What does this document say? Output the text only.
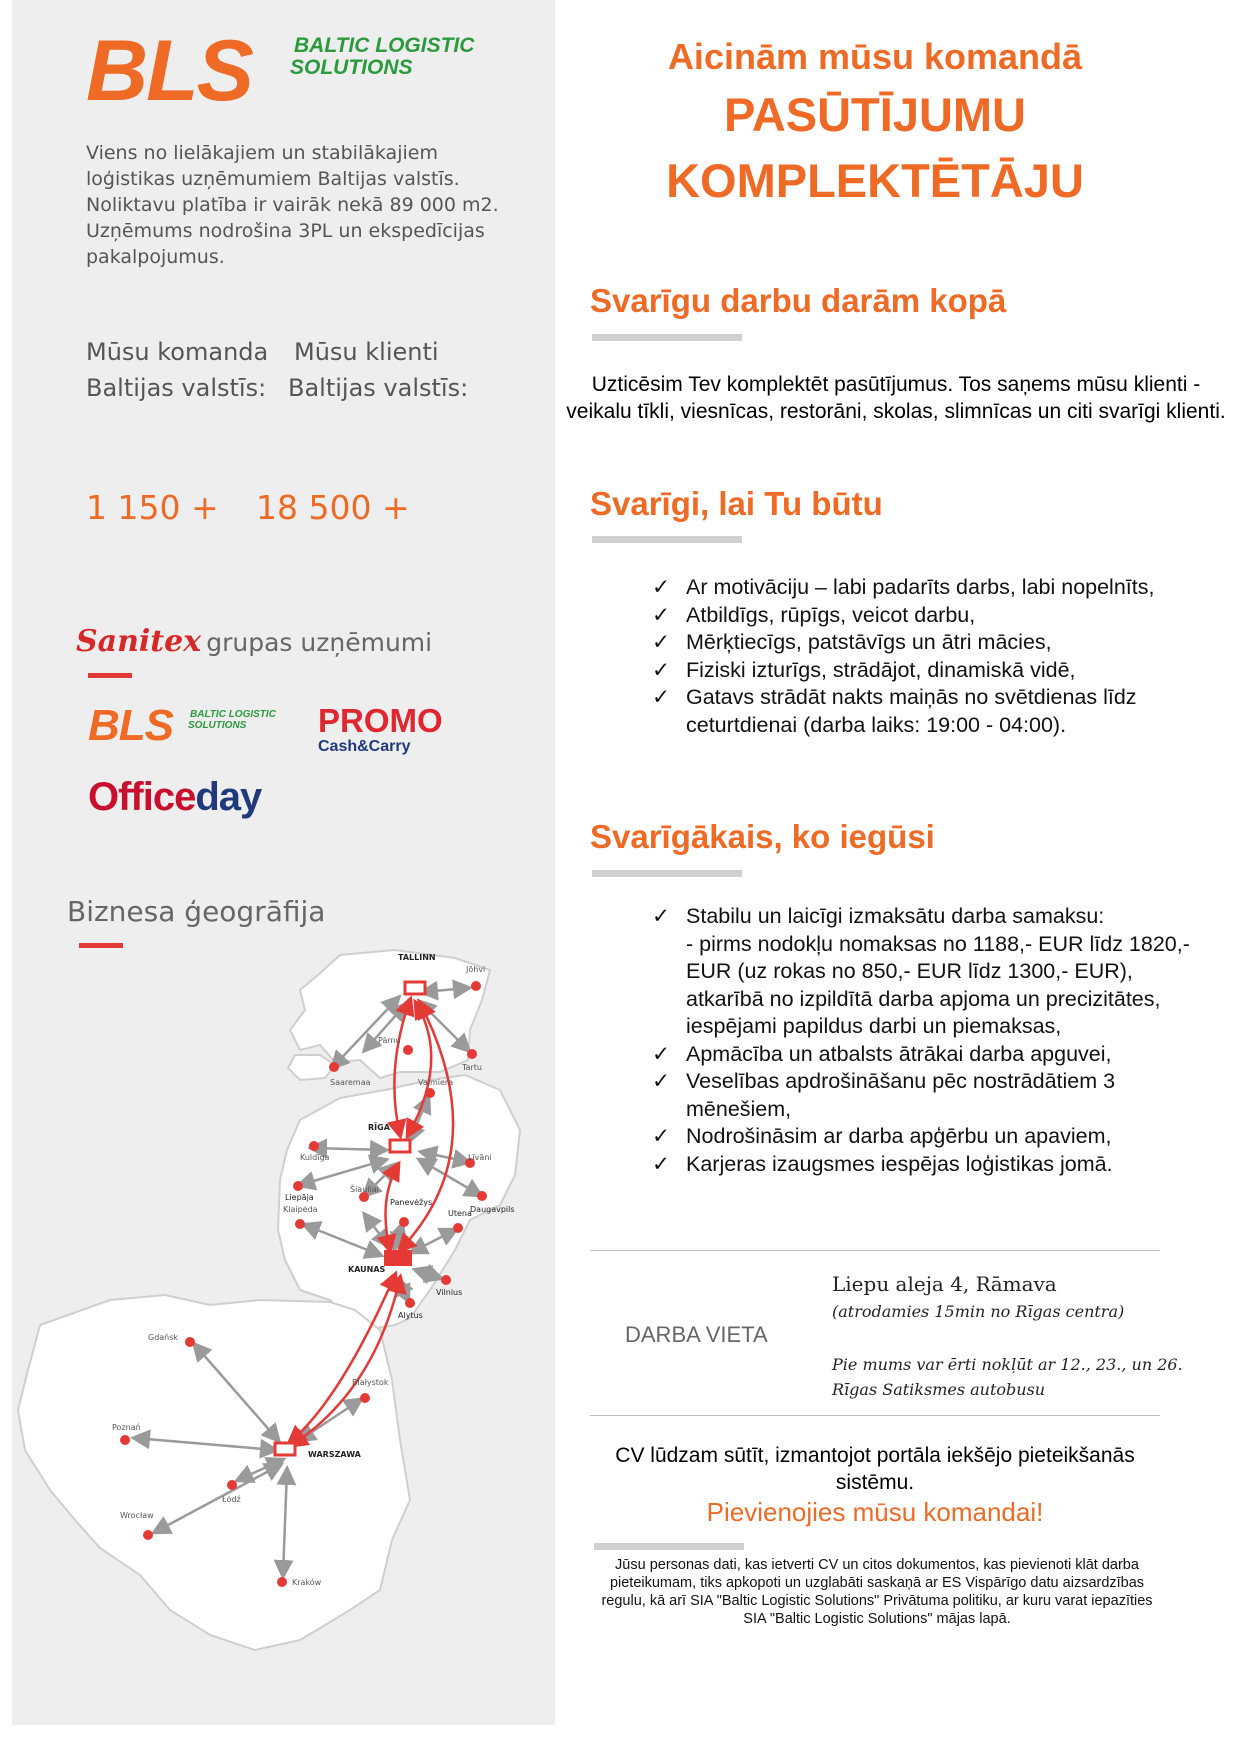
BLS BALTIC LOGISTIC
SOLUTIONS
Viens no lielākajiem un stabilākajiem loģistikas uzņēmumiem Baltijas valstīs. Noliktavu platība ir vairāk nekā 89 000 m2. Uzņēmums nodrošina 3PL un ekspedīcijas pakalpojumus.
Mūsu komanda
Baltijas valstīs:
Mūsu klienti
Baltijas valstīs:
1 150 + 18 500 +
Sanitex grupas uzņēmumi
BLS BALTIC LOGISTIC
SOLUTIONS PROMO
Cash&Carry
Officeday
Biznesa ģeogrāfija
TALLINN
Jõhvi
Pärnu
Tartu
Saaremaa	Valmiera
RĪGA
Kuldīga
Liepāja
Līvāni
Daugavpils
Šiauliai
Panevėžys
Klaipėda	Utena
KAUNAS
Vilnius
Alytus
Gdańsk
Białystok
Poznań
WARSZAWA
Łódź
Wrocław
Kraków
Aicinām mūsu komandā
PASŪTĪJUMU
KOMPLEKTĒTĀJU
Svarīgu darbu darām kopā
Uzticēsim Tev komplektēt pasūtījumus. Tos saņems mūsu klienti - veikalu tīkli, viesnīcas, restorāni, skolas, slimnīcas un citi svarīgi klienti.
Svarīgi, lai Tu būtu
✓ Ar motivāciju – labi padarīts darbs, labi nopelnīts,
✓ Atbildīgs, rūpīgs, veicot darbu,
✓ Mērķtiecīgs, patstāvīgs un ātri mācies,
✓ Fiziski izturīgs, strādājot, dinamiskā vidē,
✓ Gatavs strādāt nakts maiņās no svētdienas līdz ceturtdienai (darba laiks: 19:00 - 04:00).
Svarīgākais, ko iegūsi
✓ Stabilu un laicīgi izmaksātu darba samaksu:
- pirms nodokļu nomaksas no 1188,- EUR līdz 1820,- EUR (uz rokas no 850,- EUR līdz 1300,- EUR), atkarībā no izpildītā darba apjoma un precizitātes, iespējami papildus darbi un piemaksas,
✓ Apmācība un atbalsts ātrākai darba apguvei,
✓ Veselības apdrošināšanu pēc nostrādātiem 3 mēnešiem,
✓ Nodrošināsim ar darba apģērbu un apaviem,
✓ Karjeras izaugsmes iespējas loģistikas jomā.
DARBA VIETA
Liepu aleja 4, Rāmava
(atrodamies 15min no Rīgas centra)
Pie mums var ērti nokļūt ar 12., 23., un 26. Rīgas Satiksmes autobusu
CV lūdzam sūtīt, izmantojot portāla iekšējo pieteikšanās sistēmu.
Pievienojies mūsu komandai!
Jūsu personas dati, kas ietverti CV un citos dokumentos, kas pievienoti klāt darba pieteikumam, tiks apkopoti un uzglabāti saskaņā ar ES Vispārīgo datu aizsardzības regulu, kā arī SIA "Baltic Logistic Solutions" Privātuma politiku, ar kuru varat iepazīties SIA "Baltic Logistic Solutions" mājas lapā.
